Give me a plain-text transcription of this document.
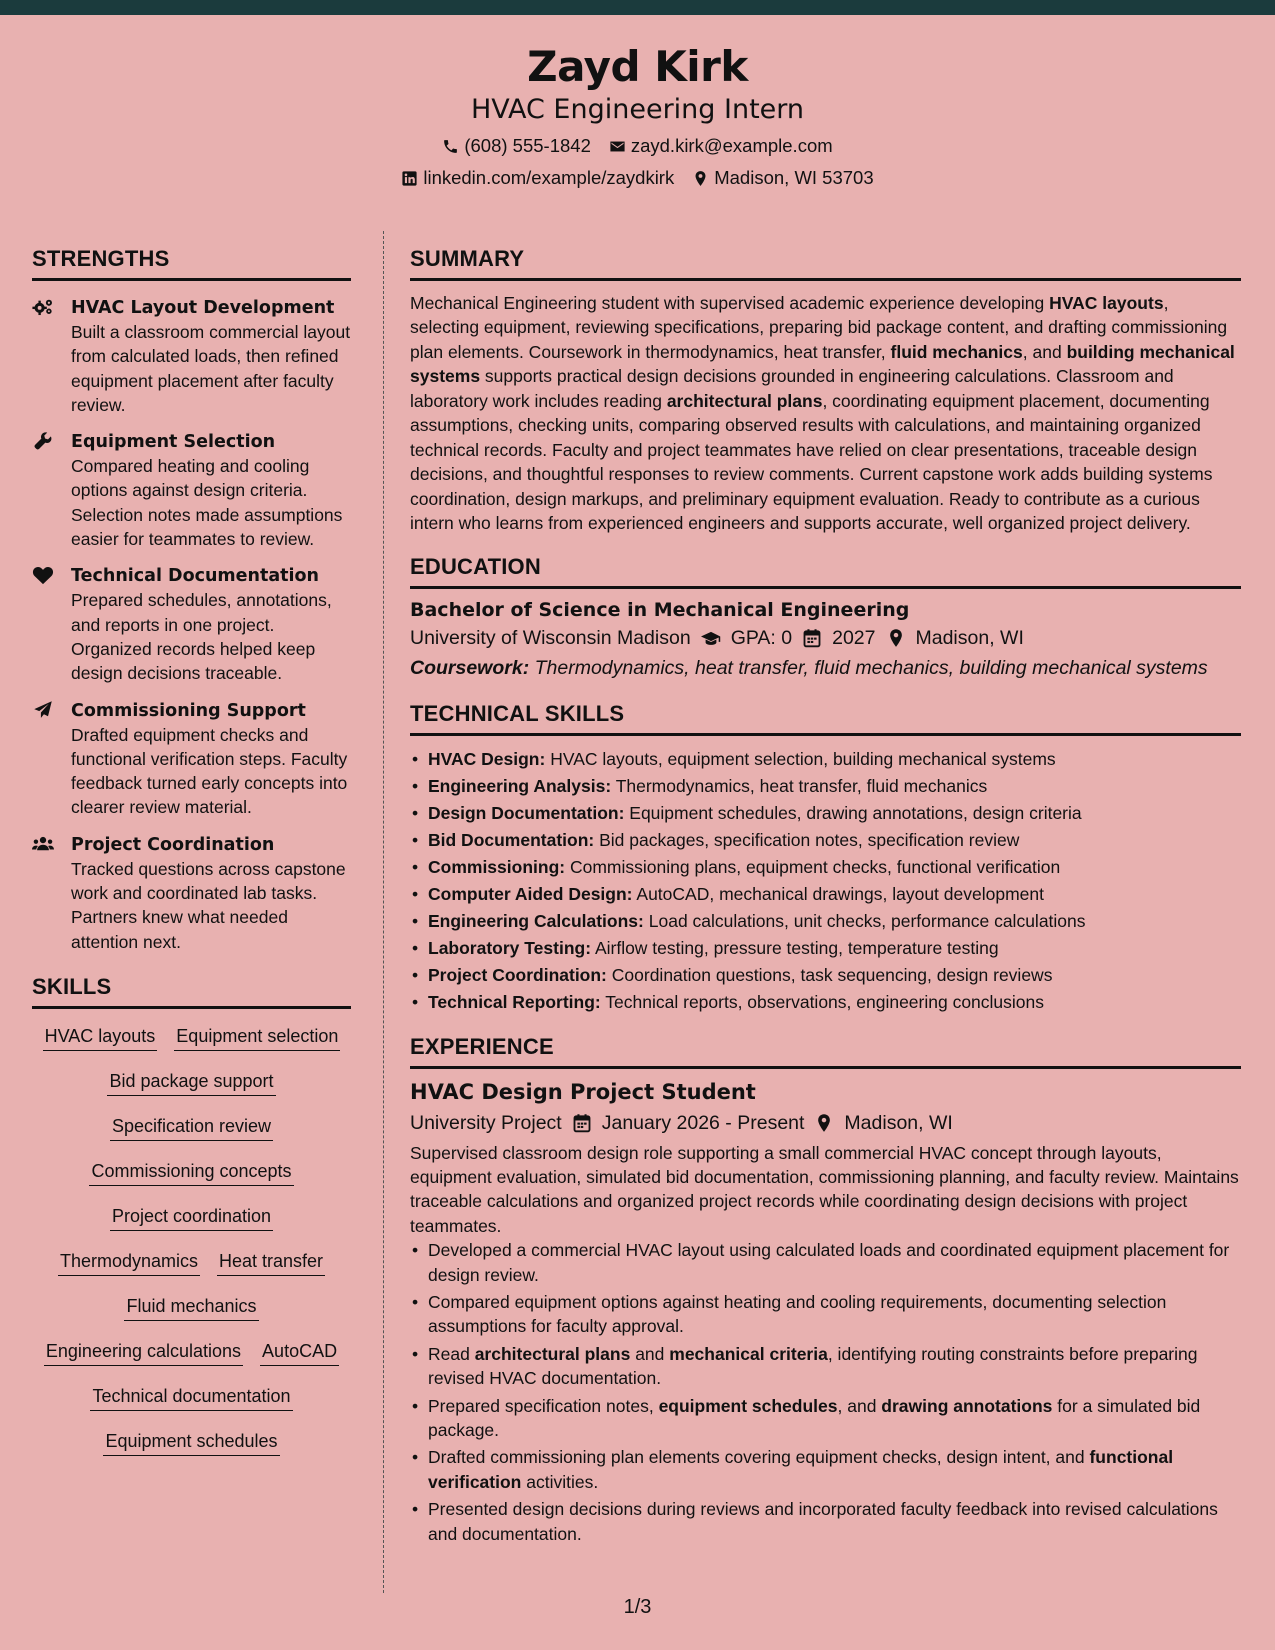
Zayd Kirk
HVAC Engineering Intern
(608) 555-1842 zayd.kirk@example.com
linkedin.com/example/zaydkirk Madison, WI 53703
STRENGTHS
HVAC Layout Development
Built a classroom commercial layout from calculated loads, then refined equipment placement after faculty review.
Equipment Selection
Compared heating and cooling options against design criteria. Selection notes made assumptions easier for teammates to review.
Technical Documentation
Prepared schedules, annotations, and reports in one project. Organized records helped keep design decisions traceable.
Commissioning Support
Drafted equipment checks and functional verification steps. Faculty feedback turned early concepts into clearer review material.
Project Coordination
Tracked questions across capstone work and coordinated lab tasks. Partners knew what needed attention next.
SKILLS
HVAC layouts Equipment selection
Bid package support
Specification review
Commissioning concepts
Project coordination
Thermodynamics Heat transfer
Fluid mechanics
Engineering calculations AutoCAD
Technical documentation
Equipment schedules
SUMMARY

Mechanical Engineering student with supervised academic experience developing HVAC layouts, selecting equipment, reviewing specifications, preparing bid package content, and drafting commissioning plan elements. Coursework in thermodynamics, heat transfer, fluid mechanics, and building mechanical systems supports practical design decisions grounded in engineering calculations. Classroom and laboratory work includes reading architectural plans, coordinating equipment placement, documenting assumptions, checking units, comparing observed results with calculations, and maintaining organized technical records. Faculty and project teammates have relied on clear presentations, traceable design decisions, and thoughtful responses to review comments. Current capstone work adds building systems coordination, design markups, and preliminary equipment evaluation. Ready to contribute as a curious intern who learns from experienced engineers and supports accurate, well organized project delivery.

EDUCATION
Bachelor of Science in Mechanical Engineering
University of Wisconsin Madison GPA: 0 2027 Madison, WI
Coursework: Thermodynamics, heat transfer, fluid mechanics, building mechanical systems
TECHNICAL SKILLS
• HVAC Design: HVAC layouts, equipment selection, building mechanical systems
• Engineering Analysis: Thermodynamics, heat transfer, fluid mechanics
• Design Documentation: Equipment schedules, drawing annotations, design criteria
• Bid Documentation: Bid packages, specification notes, specification review
• Commissioning: Commissioning plans, equipment checks, functional verification
• Computer Aided Design: AutoCAD, mechanical drawings, layout development
• Engineering Calculations: Load calculations, unit checks, performance calculations
• Laboratory Testing: Airflow testing, pressure testing, temperature testing
• Project Coordination: Coordination questions, task sequencing, design reviews
• Technical Reporting: Technical reports, observations, engineering conclusions
EXPERIENCE
HVAC Design Project Student
University Project January 2026 - Present Madison, WI

Supervised classroom design role supporting a small commercial HVAC concept through layouts, equipment evaluation, simulated bid documentation, commissioning planning, and faculty review. Maintains traceable calculations and organized project records while coordinating design decisions with project teammates.

• Developed a commercial HVAC layout using calculated loads and coordinated equipment placement for design review.
• Compared equipment options against heating and cooling requirements, documenting selection assumptions for faculty approval.
• Read architectural plans and mechanical criteria, identifying routing constraints before preparing revised HVAC documentation.
• Prepared specification notes, equipment schedules, and drawing annotations for a simulated bid package.
• Drafted commissioning plan elements covering equipment checks, design intent, and functional verification activities.
• Presented design decisions during reviews and incorporated faculty feedback into revised calculations and documentation.
1/3
